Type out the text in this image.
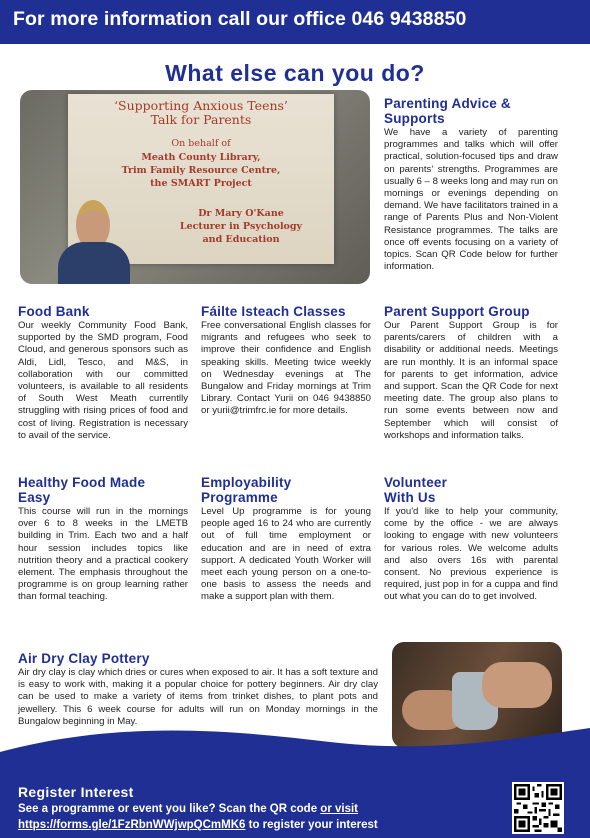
For more information call our office 046 9438850
What else can you do?
‘Supporting Anxious Teens’
Talk for Parents
On behalf of
Meath County Library,
Trim Family Resource Centre,
the SMART Project
Dr Mary O'Kane
Lecturer in Psychology
and Education
Parenting Advice &
Supports

We have a variety of parenting programmes and talks which will offer practical, solution-focused tips and draw on parents' strengths. Programmes are usually 6 – 8 weeks long and may run on mornings or evenings depending on demand. We have facilitators trained in a range of Parents Plus and Non-Violent Resistance programmes. The talks are once off events focusing on a variety of topics. Scan QR Code below for further information.

Food Bank

Our weekly Community Food Bank, supported by the SMD program, Food Cloud, and generous sponsors such as Aldi, Lidl, Tesco, and M&S, in collaboration with our committed volunteers, is available to all residents of South West Meath currentlly struggling with rising prices of food and cost of living. Registration is necessary to avail of the service.

Fáilte Isteach Classes

Free conversational English classes for migrants and refugees who seek to improve their confidence and English speaking skills. Meeting twice weekly on Wednesday evenings at The Bungalow and Friday mornings at Trim Library. Contact Yurii on 046 9438850 or yurii@trimfrc.ie for more details.

Parent Support Group

Our Parent Support Group is for parents/carers of children with a disability or additional needs. Meetings are run monthly. It is an informal space for parents to get information, advice and support. Scan the QR Code for next meeting date. The group also plans to run some events between now and September which will consist of workshops and information talks.

Healthy Food Made
Easy

This course will run in the mornings over 6 to 8 weeks in the LMETB building in Trim. Each two and a half hour session includes topics like nutrition theory and a practical cookery element. The emphasis throughout the programme is on group learning rather than formal teaching.

Employability
Programme

Level Up programme is for young people aged 16 to 24 who are currently out of full time employment or education and are in need of extra support. A dedicated Youth Worker will meet each young person on a one-to-one basis to assess the needs and make a support plan with them.

Volunteer
With Us

If you'd like to help your community, come by the office - we are always looking to engage with new volunteers for various roles. We welcome adults and also overs 16s with parental consent. No previous experience is required, just pop in for a cuppa and find out what you can do to get involved.

Air Dry Clay Pottery

Air dry clay is clay which dries or cures when exposed to air. It has a soft texture and is easy to work with, making it a popular choice for pottery beginners. Air dry clay can be used to make a variety of items from trinket dishes, to plant pots and jewellery. This 6 week course for adults will run on Monday mornings in the Bungalow beginning in May.

Register Interest
See a programme or event you like? Scan the QR code or visit
https://forms.gle/1FzRbnWWjwpQCmMK6 to register your interest
